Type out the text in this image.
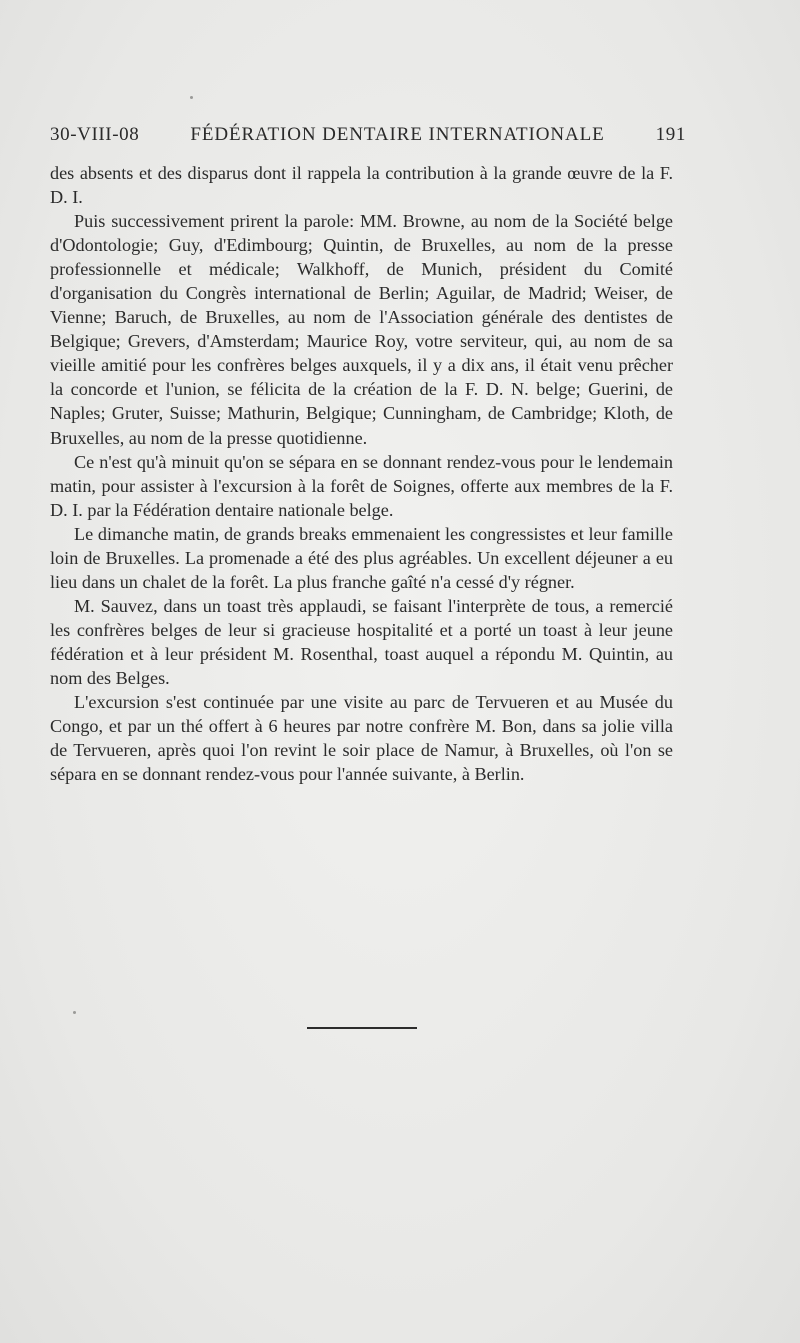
30-VIII-08	FÉDÉRATION DENTAIRE INTERNATIONALE	191

des absents et des disparus dont il rappela la contribution à la grande œuvre de la F. D. I.

Puis successivement prirent la parole: MM. Browne, au nom de la Société belge d'Odontologie; Guy, d'Edimbourg; Quintin, de Bruxelles, au nom de la presse professionnelle et médicale; Walkhoff, de Munich, président du Comité d'organisation du Congrès international de Berlin; Aguilar, de Madrid; Weiser, de Vienne; Baruch, de Bruxelles, au nom de l'Association générale des dentistes de Belgique; Grevers, d'Amsterdam; Maurice Roy, votre serviteur, qui, au nom de sa vieille amitié pour les confrères belges auxquels, il y a dix ans, il était venu prêcher la concorde et l'union, se félicita de la création de la F. D. N. belge; Guerini, de Naples; Gruter, Suisse; Mathurin, Belgique; Cunningham, de Cambridge; Kloth, de Bruxelles, au nom de la presse quotidienne.

Ce n'est qu'à minuit qu'on se sépara en se donnant rendez-vous pour le lendemain matin, pour assister à l'excursion à la forêt de Soignes, offerte aux membres de la F. D. I. par la Fédération dentaire nationale belge.

Le dimanche matin, de grands breaks emmenaient les congressistes et leur famille loin de Bruxelles. La promenade a été des plus agréables. Un excellent déjeuner a eu lieu dans un chalet de la forêt. La plus franche gaîté n'a cessé d'y régner.

M. Sauvez, dans un toast très applaudi, se faisant l'interprète de tous, a remercié les confrères belges de leur si gracieuse hospitalité et a porté un toast à leur jeune fédération et à leur président M. Rosenthal, toast auquel a répondu M. Quintin, au nom des Belges.

L'excursion s'est continuée par une visite au parc de Tervueren et au Musée du Congo, et par un thé offert à 6 heures par notre confrère M. Bon, dans sa jolie villa de Tervueren, après quoi l'on revint le soir place de Namur, à Bruxelles, où l'on se sépara en se donnant rendez-vous pour l'année suivante, à Berlin.
